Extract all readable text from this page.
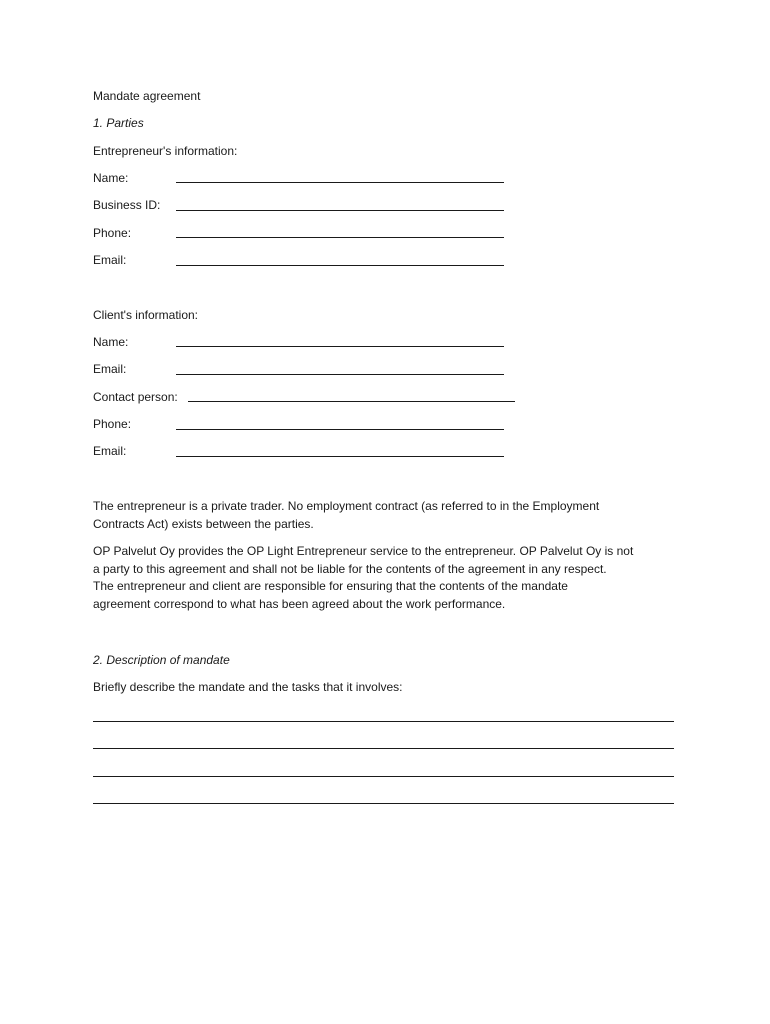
Mandate agreement
1. Parties
Entrepreneur's information:
Name:
Business ID:
Phone:
Email:
Client's information:
Name:
Email:
Contact person:
Phone:
Email:
The entrepreneur is a private trader. No employment contract (as referred to in the Employment
Contracts Act) exists between the parties.
OP Palvelut Oy provides the OP Light Entrepreneur service to the entrepreneur. OP Palvelut Oy is not
a party to this agreement and shall not be liable for the contents of the agreement in any respect.
The entrepreneur and client are responsible for ensuring that the contents of the mandate
agreement correspond to what has been agreed about the work performance.
2. Description of mandate
Briefly describe the mandate and the tasks that it involves:
